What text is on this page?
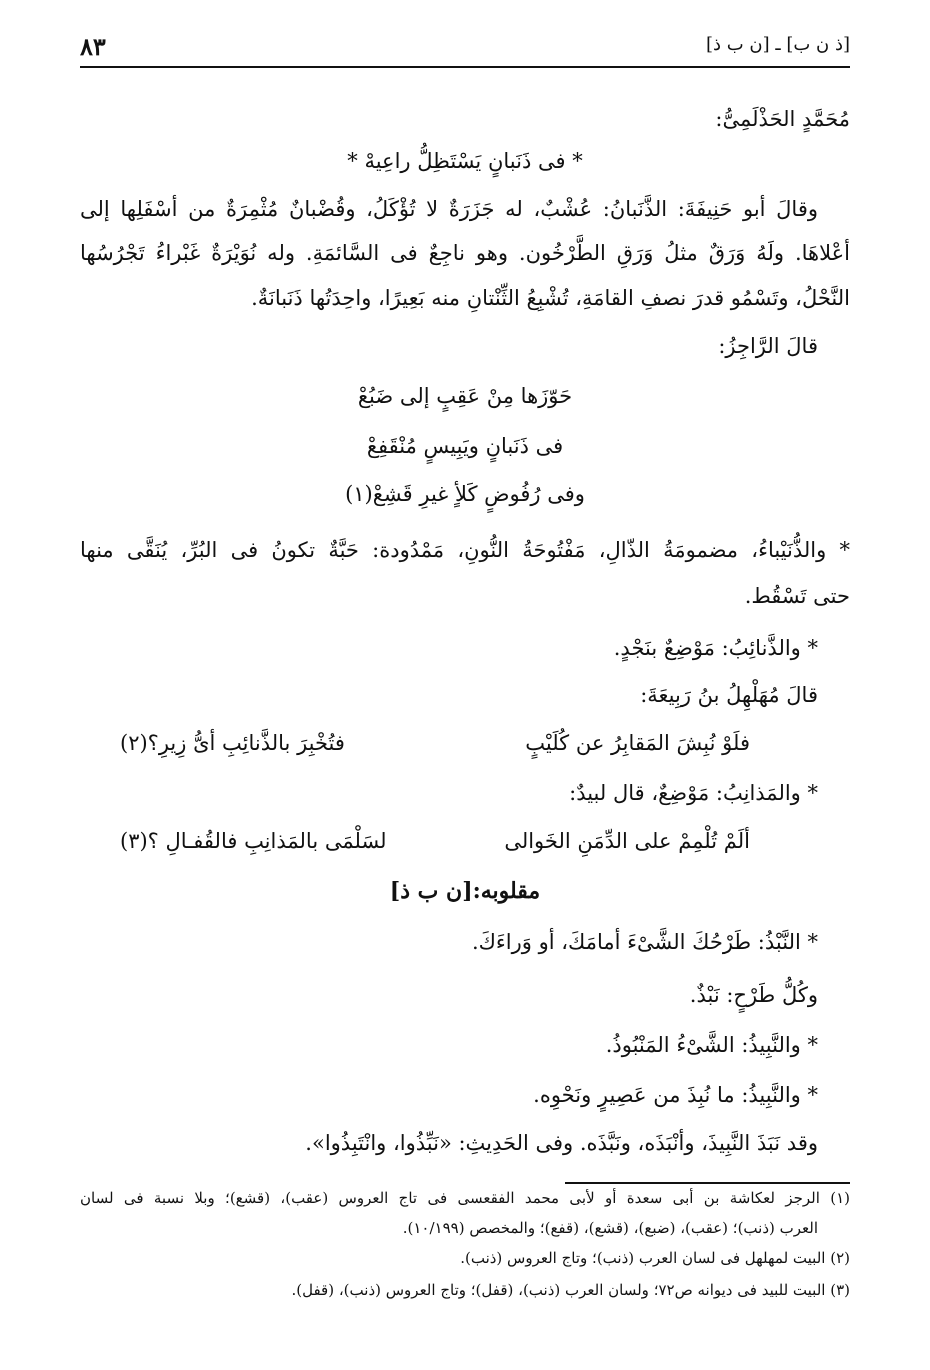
[ذ ن ب] ـ [ن ب ذ]
٨٣
مُحَمَّدٍ الحَذْلَمِىُّ:
* فى ذَنَبانٍ يَسْتَظِلُّ راعِيهْ *
وقالَ أبو حَنِيفَةَ: الذَّنَبانُ: عُشْبٌ، له جَزَرَةٌ لا تُؤْكَلُ، وقُضْبانٌ مُثْمِرَةٌ من أسْفَلِها إلى
أعْلاهَا. ولَهُ وَرَقٌ مثلُ وَرَقِ الطَّرْخُون. وهو ناجِعٌ فى السَّائمَةِ. وله نُوَيْرَةٌ غَبْراءُ تَجْرُسُها
النَّحْلُ، وتَسْمُو قدرَ نصفِ القامَةِ، تُشْبِعُ الثِّنْتانِ منه بَعِيرًا، واحِدَتُها ذَنَبانَةٌ.
قالَ الرَّاجِزُ:
حَوّزَها مِنْ عَقِبٍ إلى ضَبُعْ
فى ذَنَبانٍ ويَبِيسٍ مُنْقَفِعْ
وفى رُفُوضٍ كَلأٍ غيرِ قَشِعْ(١)
* والذُّنَيْباءُ، مضمومَةُ الذّالِ، مَفْتُوحَةُ النُّونِ، مَمْدُودة: حَبَّةٌ تكونُ فى البُرِّ، يُنَقَّى منها
حتى تَسْقُط.
* والذَّنائِبُ: مَوْضِعٌ بنَجْدٍ.
قالَ مُهَلْهِلُ بنُ رَبِيعَةَ:
فلَوْ نُبِشَ المَقابِرُ عن كُلَيْبٍ
فتُخْبِرَ بالذَّنائِبِ أىُّ زِيرِ؟(٢)
* والمَذانِبُ: مَوْضِعٌ، قال لبيدٌ:
ألَمْ تُلْمِمْ على الدِّمَنِ الخَوالى
لسَلْمَى بالمَذانِبِ فالقُفـالِ ؟(٣)
مقلوبه:[ن ب ذ]
* النَّبْذُ: طَرْحُكَ الشَّىْءَ أمامَكَ، أو وَراءَكَ.
وكُلُّ طَرْحٍ: نَبْذٌ.
* والنَّبِيذُ: الشَّىْءُ المَنْبُوذُ.
* والنَّبِيذُ: ما نُبِذَ من عَصِيرٍ ونَحْوِه.
وقد نَبَذَ النَّبِيذَ، وأنْبَذَه، ونَبَّذَه. وفى الحَدِيثِ: «نَبِّذُوا، وانْتَبِذُوا».
(١) الرجز لعكاشة بن أبى سعدة أو لأبى محمد الفقعسى فى تاج العروس (عقب)، (قشع)؛ وبلا نسبة فى لسان
العرب (ذنب)؛ (عقب)، (ضبع)، (قشع)، (قفع)؛ والمخصص (١٠/١٩٩).
(٢) البيت لمهلهل فى لسان العرب (ذنب)؛ وتاج العروس (ذنب).
(٣) البيت للبيد فى ديوانه ص٧٢؛ ولسان العرب (ذنب)، (قفل)؛ وتاج العروس (ذنب)، (قفل).
